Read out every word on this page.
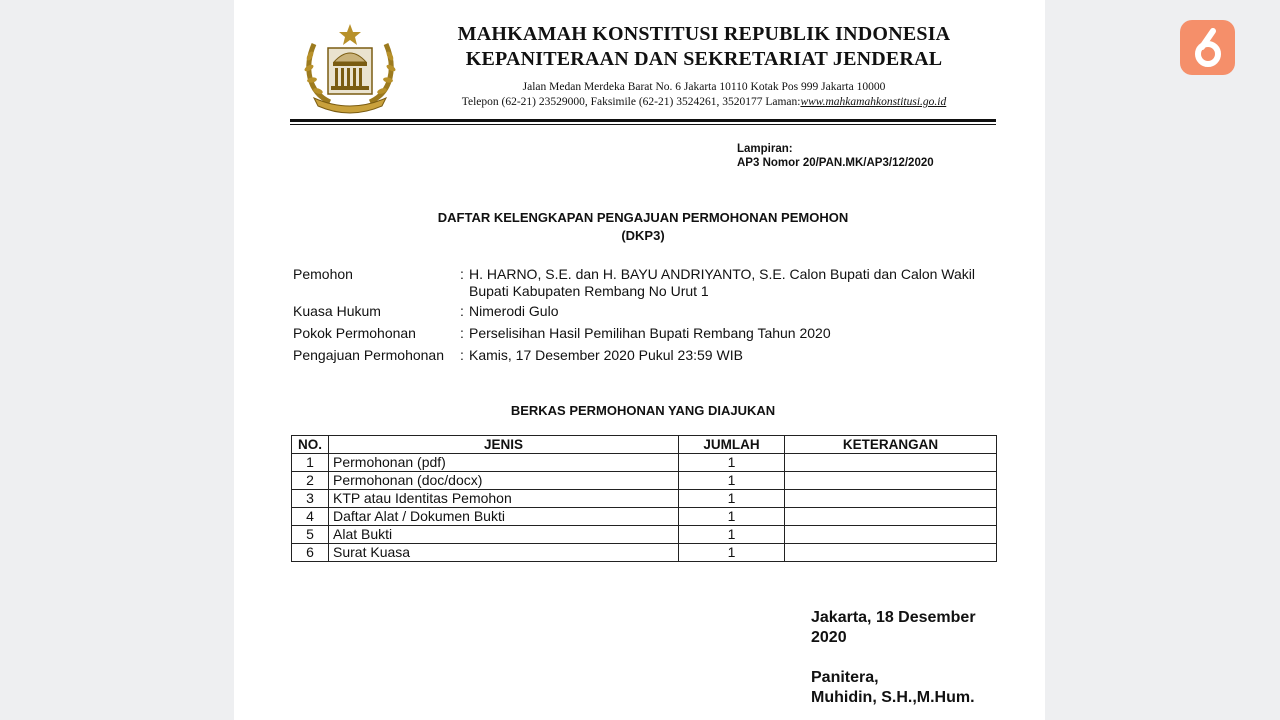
MAHKAMAH KONSTITUSI REPUBLIK INDONESIA
KEPANITERAAN DAN SEKRETARIAT JENDERAL
Jalan Medan Merdeka Barat No. 6 Jakarta 10110 Kotak Pos 999 Jakarta 10000
Telepon (62-21) 23529000, Faksimile (62-21) 3524261, 3520177 Laman:www.mahkamahkonstitusi.go.id
Lampiran:
AP3 Nomor 20/PAN.MK/AP3/12/2020
DAFTAR KELENGKAPAN PENGAJUAN PERMOHONAN PEMOHON
(DKP3)
Pemohon	: H. HARNO, S.E. dan H. BAYU ANDRIYANTO, S.E. Calon Bupati dan Calon Wakil Bupati Kabupaten Rembang No Urut 1
Kuasa Hukum	: Nimerodi Gulo
Pokok Permohonan	: Perselisihan Hasil Pemilihan Bupati Rembang Tahun 2020
Pengajuan Permohonan : Kamis, 17 Desember 2020 Pukul 23:59 WIB
BERKAS PERMOHONAN YANG DIAJUKAN
NO.	JENIS	JUMLAH	KETERANGAN
1	Permohonan (pdf)	1	
2	Permohonan (doc/docx)	1	
3	KTP atau Identitas Pemohon	1	
4	Daftar Alat / Dokumen Bukti	1	
5	Alat Bukti	1	
6	Surat Kuasa	1	
Jakarta, 18 Desember
2020
Panitera,
Muhidin, S.H.,M.Hum.
